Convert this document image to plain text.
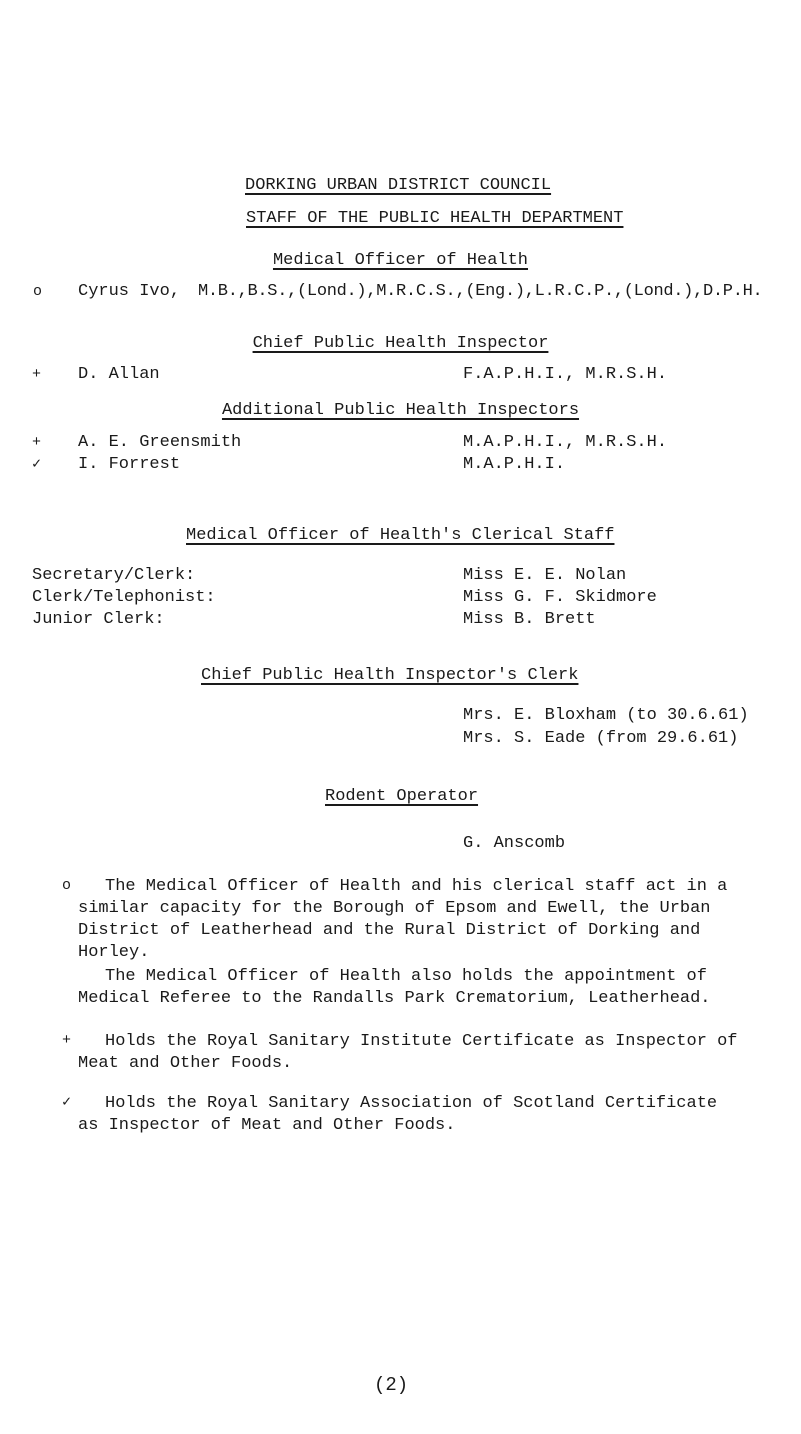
DORKING URBAN DISTRICT COUNCIL
STAFF OF THE PUBLIC HEALTH DEPARTMENT
Medical Officer of Health
o Cyrus Ivo, M.B.,B.S.,(Lond.),M.R.C.S.,(Eng.),L.R.C.P.,(Lond.),D.P.H.
Chief Public Health Inspector
+ D. Allan	F.A.P.H.I., M.R.S.H.
Additional Public Health Inspectors
+ A. E. Greensmith	M.A.P.H.I., M.R.S.H.
✓ I. Forrest	M.A.P.H.I.
Medical Officer of Health's Clerical Staff
Secretary/Clerk:	Miss E. E. Nolan
Clerk/Telephonist:	Miss G. F. Skidmore
Junior Clerk:	Miss B. Brett
Chief Public Health Inspector's Clerk
Mrs. E. Bloxham (to 30.6.61)
Mrs. S. Eade (from 29.6.61)
Rodent Operator
G. Anscomb
o	The Medical Officer of Health and his clerical staff act in a similar capacity for the Borough of Epsom and Ewell, the Urban District of Leatherhead and the Rural District of Dorking and Horley.
The Medical Officer of Health also holds the appointment of Medical Referee to the Randalls Park Crematorium, Leatherhead.
+	Holds the Royal Sanitary Institute Certificate as Inspector of Meat and Other Foods.
✓	Holds the Royal Sanitary Association of Scotland Certificate as Inspector of Meat and Other Foods.
(2)
